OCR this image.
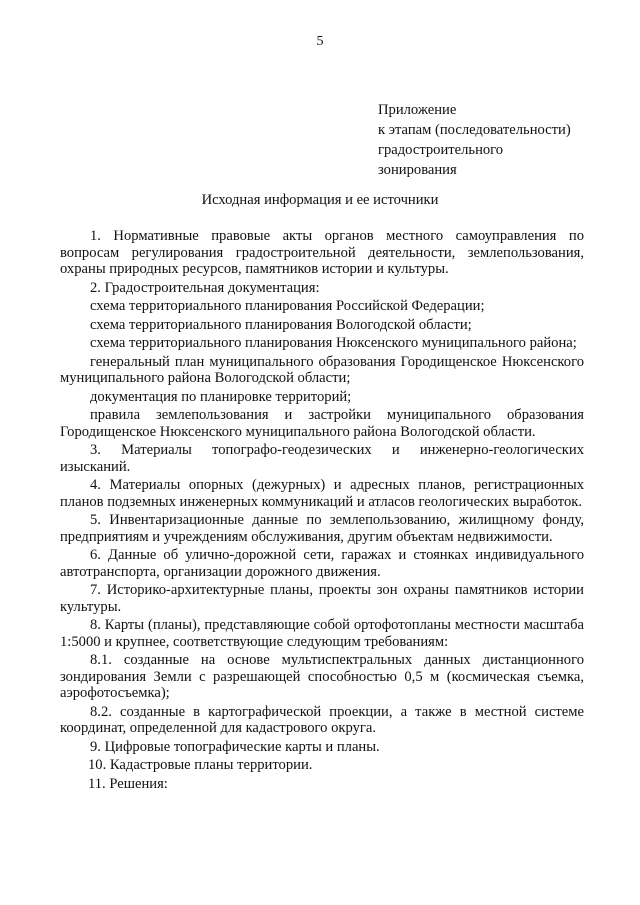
5
Приложение
к этапам (последовательности)
градостроительного
зонирования
Исходная информация и ее источники

1. Нормативные правовые акты органов местного самоуправления по вопросам регулирования градостроительной деятельности, землепользования, охраны природных ресурсов, памятников истории и культуры.

2. Градостроительная документация:

схема территориального планирования Российской Федерации;

схема территориального планирования Вологодской области;

схема территориального планирования Нюксенского муниципального района;

генеральный план муниципального образования Городищенское Нюксенского муниципального района Вологодской области;

документация по планировке территорий;

правила землепользования и застройки муниципального образования Городищенское Нюксенского муниципального района Вологодской области.

3. Материалы топографо-геодезических и инженерно-геологических изысканий.

4. Материалы опорных (дежурных) и адресных планов, регистрационных планов подземных инженерных коммуникаций и атласов геологических выработок.

5. Инвентаризационные данные по землепользованию, жилищному фонду, предприятиям и учреждениям обслуживания, другим объектам недвижимости.

6. Данные об улично-дорожной сети, гаражах и стоянках индивидуального автотранспорта, организации дорожного движения.

7. Историко-архитектурные планы, проекты зон охраны памятников истории культуры.

8. Карты (планы), представляющие собой ортофотопланы местности масштаба 1:5000 и крупнее, соответствующие следующим требованиям:

8.1. созданные на основе мультиспектральных данных дистанционного зондирования Земли с разрешающей способностью 0,5 м (космическая съемка, аэрофотосъемка);

8.2. созданные в картографической проекции, а также в местной системе координат, определенной для кадастрового округа.

9. Цифровые топографические карты и планы.

10. Кадастровые планы территории.

11. Решения:
